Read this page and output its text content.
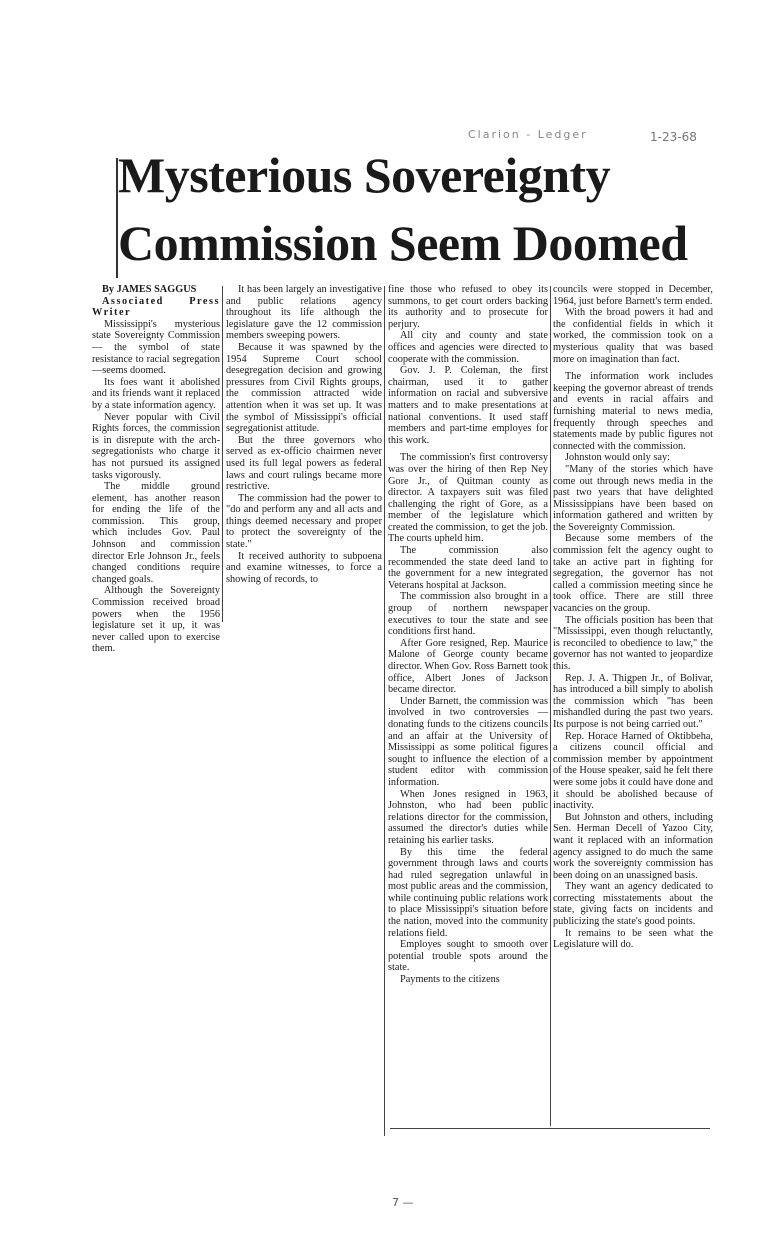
Clarion - Ledger	1-23-68
Mysterious Sovereignty
Commission Seem Doomed

By JAMES SAGGUS

Associated Press Writer

Mississippi's mysterious state Sovereignty Commission — the symbol of state resistance to racial segregation—seems doomed.

Its foes want it abolished and its friends want it replaced by a state information agency.

Never popular with Civil Rights forces, the commission is in disrepute with the arch-segregationists who charge it has not pursued its assigned tasks vigorously.

The middle ground element, has another reason for ending the life of the commission. This group, which includes Gov. Paul Johnson and commission director Erle Johnson Jr., feels changed conditions require changed goals.

Although the Sovereignty Commission received broad powers when the 1956 legislature set it up, it was never called upon to exercise them.

It has been largely an investigative and public relations agency throughout its life although the legislature gave the 12 commission members sweeping powers.

Because it was spawned by the 1954 Supreme Court school desegregation decision and growing pressures from Civil Rights groups, the commission attracted wide attention when it was set up. It was the symbol of Mississippi's official segregationist attitude.

But the three governors who served as ex-officio chairmen never used its full legal powers as federal laws and court rulings became more restrictive.

The commission had the power to "do and perform any and all acts and things deemed necessary and proper to protect the sovereignty of the state."

It received authority to subpoena and examine witnesses, to force a showing of records, to

fine those who refused to obey its summons, to get court orders backing its authority and to prosecute for perjury.

All city and county and state offices and agencies were directed to cooperate with the commission.

Gov. J. P. Coleman, the first chairman, used it to gather information on racial and subversive matters and to make presentations at national conventions. It used staff members and part-time employes for this work.

The commission's first controversy was over the hiring of then Rep Ney Gore Jr., of Quitman county as director. A taxpayers suit was filed challenging the right of Gore, as a member of the legislature which created the commission, to get the job. The courts upheld him.

The commission also recommended the state deed land to the government for a new integrated Veterans hospital at Jackson.

The commission also brought in a group of northern newspaper executives to tour the state and see conditions first hand.

After Gore resigned, Rep. Maurice Malone of George county became director. When Gov. Ross Barnett took office, Albert Jones of Jackson became director.

Under Barnett, the commission was involved in two controversies — donating funds to the citizens councils and an affair at the University of Mississippi as some political figures sought to influence the election of a student editor with commission information.

When Jones resigned in 1963, Johnston, who had been public relations director for the commission, assumed the director's duties while retaining his earlier tasks.

By this time the federal government through laws and courts had ruled segregation unlawful in most public areas and the commission, while continuing public relations work to place Mississippi's situation before the nation, moved into the community relations field.

Employes sought to smooth over potential trouble spots around the state.

Payments to the citizens

councils were stopped in December, 1964, just before Barnett's term ended.

With the broad powers it had and the confidential fields in which it worked, the commission took on a mysterious quality that was based more on imagination than fact.

The information work includes keeping the governor abreast of trends and events in racial affairs and furnishing material to news media, frequently through speeches and statements made by public figures not connected with the commission.

Johnston would only say:

"Many of the stories which have come out through news media in the past two years that have delighted Mississippians have been based on information gathered and written by the Sovereignty Commission.

Because some members of the commission felt the agency ought to take an active part in fighting for segregation, the governor has not called a commission meeting since he took office. There are still three vacancies on the group.

The officials position has been that "Mississippi, even though reluctantly, is reconciled to obedience to law," the governor has not wanted to jeopardize this.

Rep. J. A. Thigpen Jr., of Bolivar, has introduced a bill simply to abolish the commission which "has been mishandled during the past two years. Its purpose is not being carried out."

Rep. Horace Harned of Oktibbeha, a citizens council official and commission member by appointment of the House speaker, said he felt there were some jobs it could have done and it should be abolished because of inactivity.

But Johnston and others, including Sen. Herman Decell of Yazoo City, want it replaced with an information agency assigned to do much the same work the sovereignty commission has been doing on an unassigned basis.

They want an agency dedicated to correcting misstatements about the state, giving facts on incidents and publicizing the state's good points.

It remains to be seen what the Legislature will do.

7 —
